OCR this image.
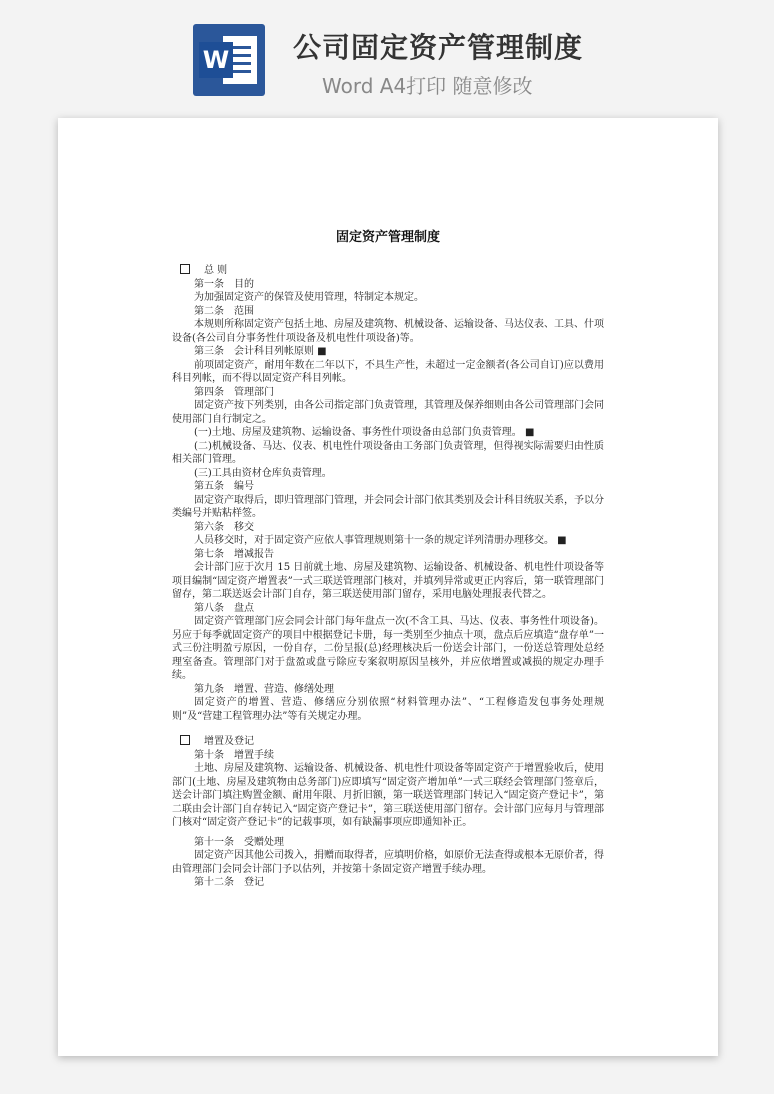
W 公司固定资产管理制度
Word A4打印 随意修改
固定资产管理制度

总 则

第一条　目的

为加强固定资产的保管及使用管理，特制定本规定。

第二条　范围

本规则所称固定资产包括土地、房屋及建筑物、机械设备、运输设备、马达仪表、工具、什项设备(各公司自分事务性什项设备及机电性什项设备)等。

第三条　会计科目列帐原则 ■

前项固定资产，耐用年数在二年以下，不具生产性，未超过一定金额者(各公司自订)应以费用科目列帐，而不得以固定资产科目列帐。

第四条　管理部门

固定资产按下列类别，由各公司指定部门负责管理，其管理及保养细则由各公司管理部门会同使用部门自行制定之。

(一)土地、房屋及建筑物、运输设备、事务性什项设备由总部门负责管理。 ■

(二)机械设备、马达、仪表、机电性什项设备由工务部门负责管理，但得视实际需要归由性质相关部门管理。

(三)工具由资材仓库负责管理。

第五条　编号

固定资产取得后，即归管理部门管理，并会同会计部门依其类别及会计科目统驭关系，予以分类编号并贴粘样签。

第六条　移交

人员移交时，对于固定资产应依人事管理规则第十一条的规定详列清册办理移交。 ■

第七条　增减报告

会计部门应于次月 15 日前就土地、房屋及建筑物、运输设备、机械设备、机电性什项设备等项目编制“固定资产增置表”一式三联送管理部门核对，并填列异常或更正内容后，第一联管理部门留存，第二联送返会计部门自存，第三联送使用部门留存，采用电脑处理报表代替之。

第八条　盘点

固定资产管理部门应会同会计部门每年盘点一次(不含工具、马达、仪表、事务性什项设备)。另应于每季就固定资产的项目中根据登记卡册，每一类别至少抽点十项，盘点后应填造“盘存单”一式三份注明盈亏原因，一份自存，二份呈报(总)经理核决后一份送会计部门，一份送总管理处总经理室备查。管理部门对于盘盈或盘亏除应专案叙明原因呈核外，并应依增置或减损的规定办理手续。

第九条　增置、营造、修缮处理

固定资产的增置、营造、修缮应分别依照“材料管理办法”、“工程修造发包事务处理规则”及“营建工程管理办法”等有关规定办理。

增置及登记

第十条　增置手续

土地、房屋及建筑物、运输设备、机械设备、机电性什项设备等固定资产于增置验收后，使用部门(土地、房屋及建筑物由总务部门)应即填写“固定资产增加单”一式三联经会管理部门签章后，送会计部门填注购置金额、耐用年限、月折旧额，第一联送管理部门转记入“固定资产登记卡”，第二联由会计部门自存转记入“固定资产登记卡”，第三联送使用部门留存。会计部门应每月与管理部门核对“固定资产登记卡”的记载事项，如有缺漏事项应即通知补正。

第十一条　受赠处理

固定资产因其他公司拨入，捐赠而取得者，应填明价格，如原价无法查得或根本无原价者，得由管理部门会同会计部门予以估列，并按第十条固定资产增置手续办理。

第十二条　登记
